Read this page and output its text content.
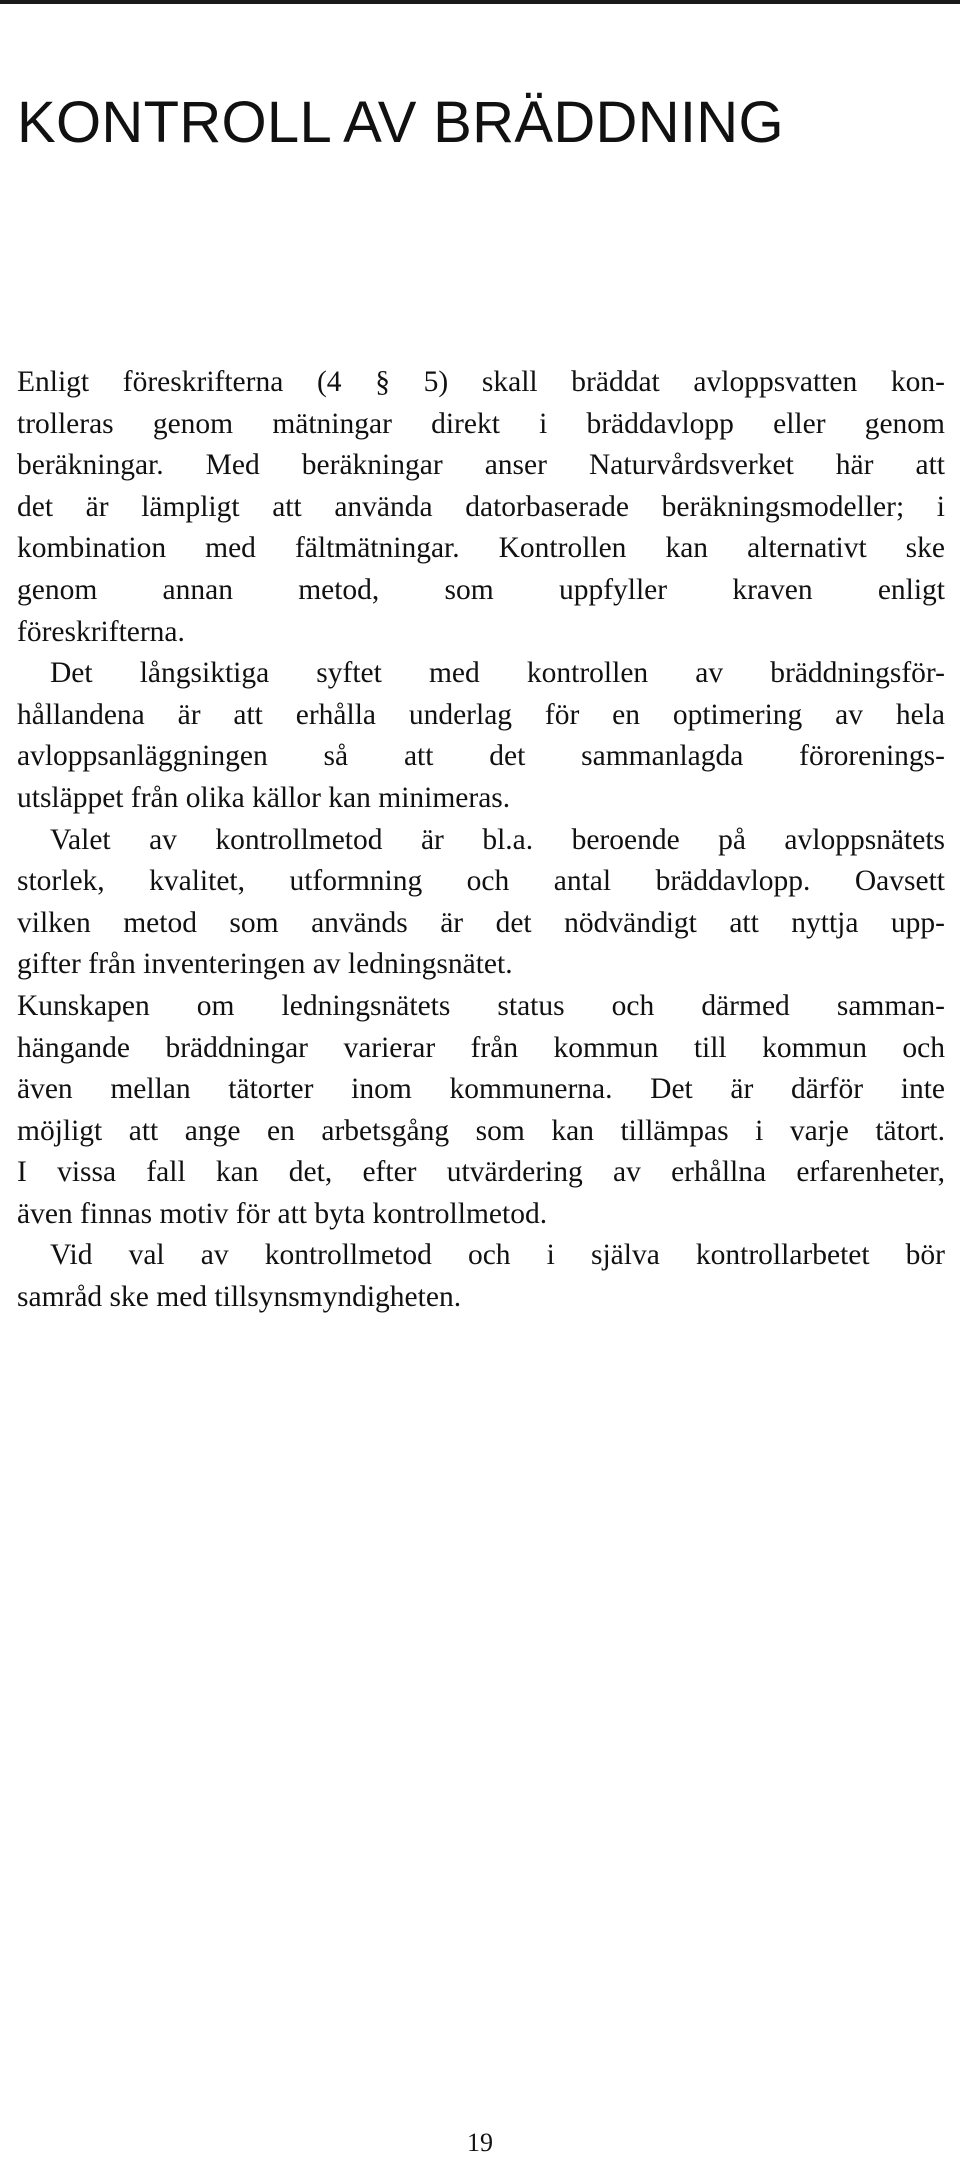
KONTROLL AV BRÄDDNING
Enligt föreskrifterna (4 § 5) skall bräddat avloppsvatten kon-
trolleras genom mätningar direkt i bräddavlopp eller genom
beräkningar. Med beräkningar anser Naturvårdsverket här att
det är lämpligt att använda datorbaserade beräkningsmodeller; i
kombination med fältmätningar. Kontrollen kan alternativt ske
genom annan metod, som uppfyller kraven enligt
föreskrifterna.
Det långsiktiga syftet med kontrollen av bräddningsför-
hållandena är att erhålla underlag för en optimering av hela
avloppsanläggningen så att det sammanlagda förorenings-
utsläppet från olika källor kan minimeras.
Valet av kontrollmetod är bl.a. beroende på avloppsnätets
storlek, kvalitet, utformning och antal bräddavlopp. Oavsett
vilken metod som används är det nödvändigt att nyttja upp-
gifter från inventeringen av ledningsnätet.
Kunskapen om ledningsnätets status och därmed samman-
hängande bräddningar varierar från kommun till kommun och
även mellan tätorter inom kommunerna. Det är därför inte
möjligt att ange en arbetsgång som kan tillämpas i varje tätort.
I vissa fall kan det, efter utvärdering av erhållna erfarenheter,
även finnas motiv för att byta kontrollmetod.
Vid val av kontrollmetod och i själva kontrollarbetet bör
samråd ske med tillsynsmyndigheten.
19
